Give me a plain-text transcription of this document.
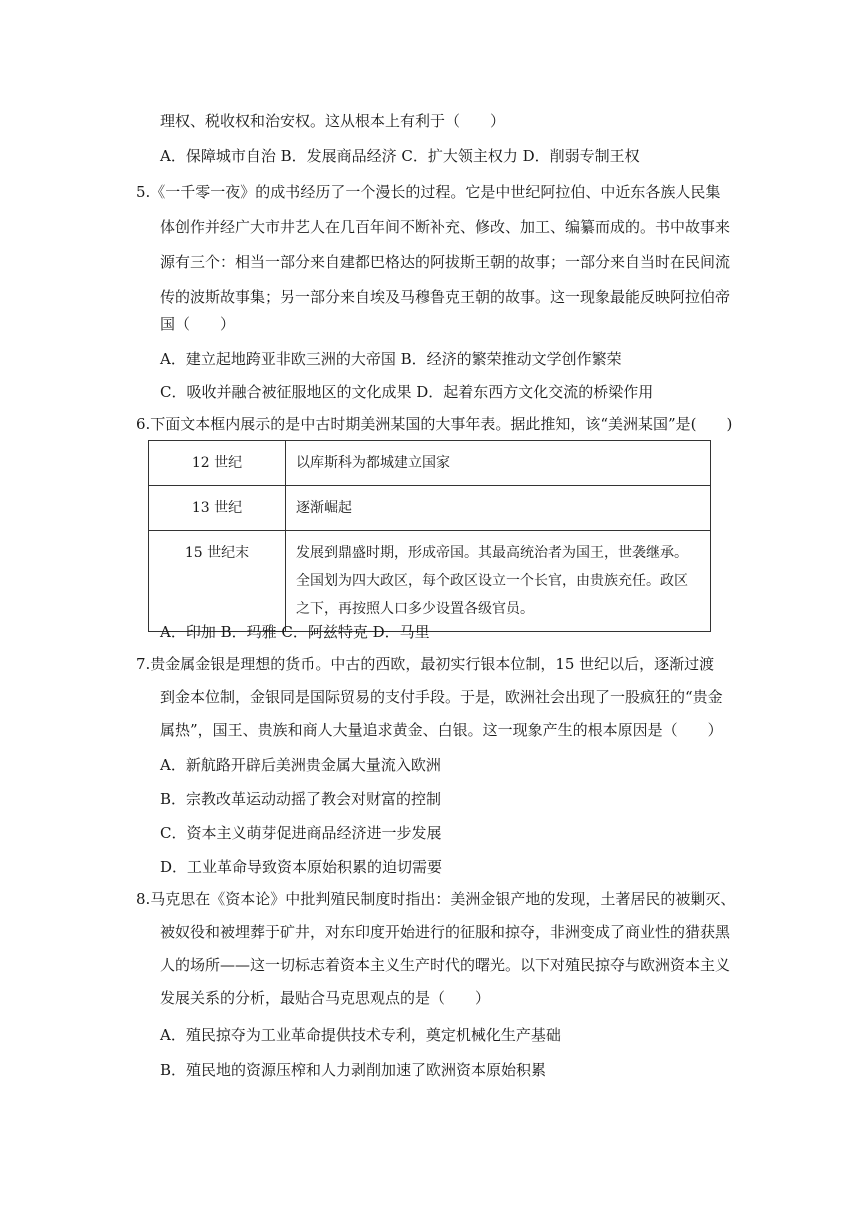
理权、税收权和治安权。这从根本上有利于（　　）
A．保障城市自治 B．发展商品经济 C．扩大领主权力 D．削弱专制王权
5.《一千零一夜》的成书经历了一个漫长的过程。它是中世纪阿拉伯、中近东各族人民集
体创作并经广大市井艺人在几百年间不断补充、修改、加工、编纂而成的。书中故事来
源有三个：相当一部分来自建都巴格达的阿拔斯王朝的故事；一部分来自当时在民间流
传的波斯故事集；另一部分来自埃及马穆鲁克王朝的故事。这一现象最能反映阿拉伯帝
国（　　）
A．建立起地跨亚非欧三洲的大帝国 B．经济的繁荣推动文学创作繁荣
C．吸收并融合被征服地区的文化成果 D．起着东西方文化交流的桥梁作用
6.下面文本框内展示的是中古时期美洲某国的大事年表。据此推知，该“美洲某国”是(　　)
12 世纪	以库斯科为都城建立国家
13 世纪	逐渐崛起
15 世纪末	发展到鼎盛时期，形成帝国。其最高统治者为国王，世袭继承。全国划为四大政区，每个政区设立一个长官，由贵族充任。政区之下，再按照人口多少设置各级官员。
A．印加 B．玛雅 C．阿兹特克 D．马里
7.贵金属金银是理想的货币。中古的西欧，最初实行银本位制，15 世纪以后，逐渐过渡
到金本位制，金银同是国际贸易的支付手段。于是，欧洲社会出现了一股疯狂的“贵金
属热”，国王、贵族和商人大量追求黄金、白银。这一现象产生的根本原因是（　　）
A．新航路开辟后美洲贵金属大量流入欧洲
B．宗教改革运动动摇了教会对财富的控制
C．资本主义萌芽促进商品经济进一步发展
D．工业革命导致资本原始积累的迫切需要
8.马克思在《资本论》中批判殖民制度时指出：美洲金银产地的发现，土著居民的被剿灭、
被奴役和被埋葬于矿井，对东印度开始进行的征服和掠夺，非洲变成了商业性的猎获黑
人的场所——这一切标志着资本主义生产时代的曙光。以下对殖民掠夺与欧洲资本主义
发展关系的分析，最贴合马克思观点的是（　　）
A．殖民掠夺为工业革命提供技术专利，奠定机械化生产基础
B．殖民地的资源压榨和人力剥削加速了欧洲资本原始积累
